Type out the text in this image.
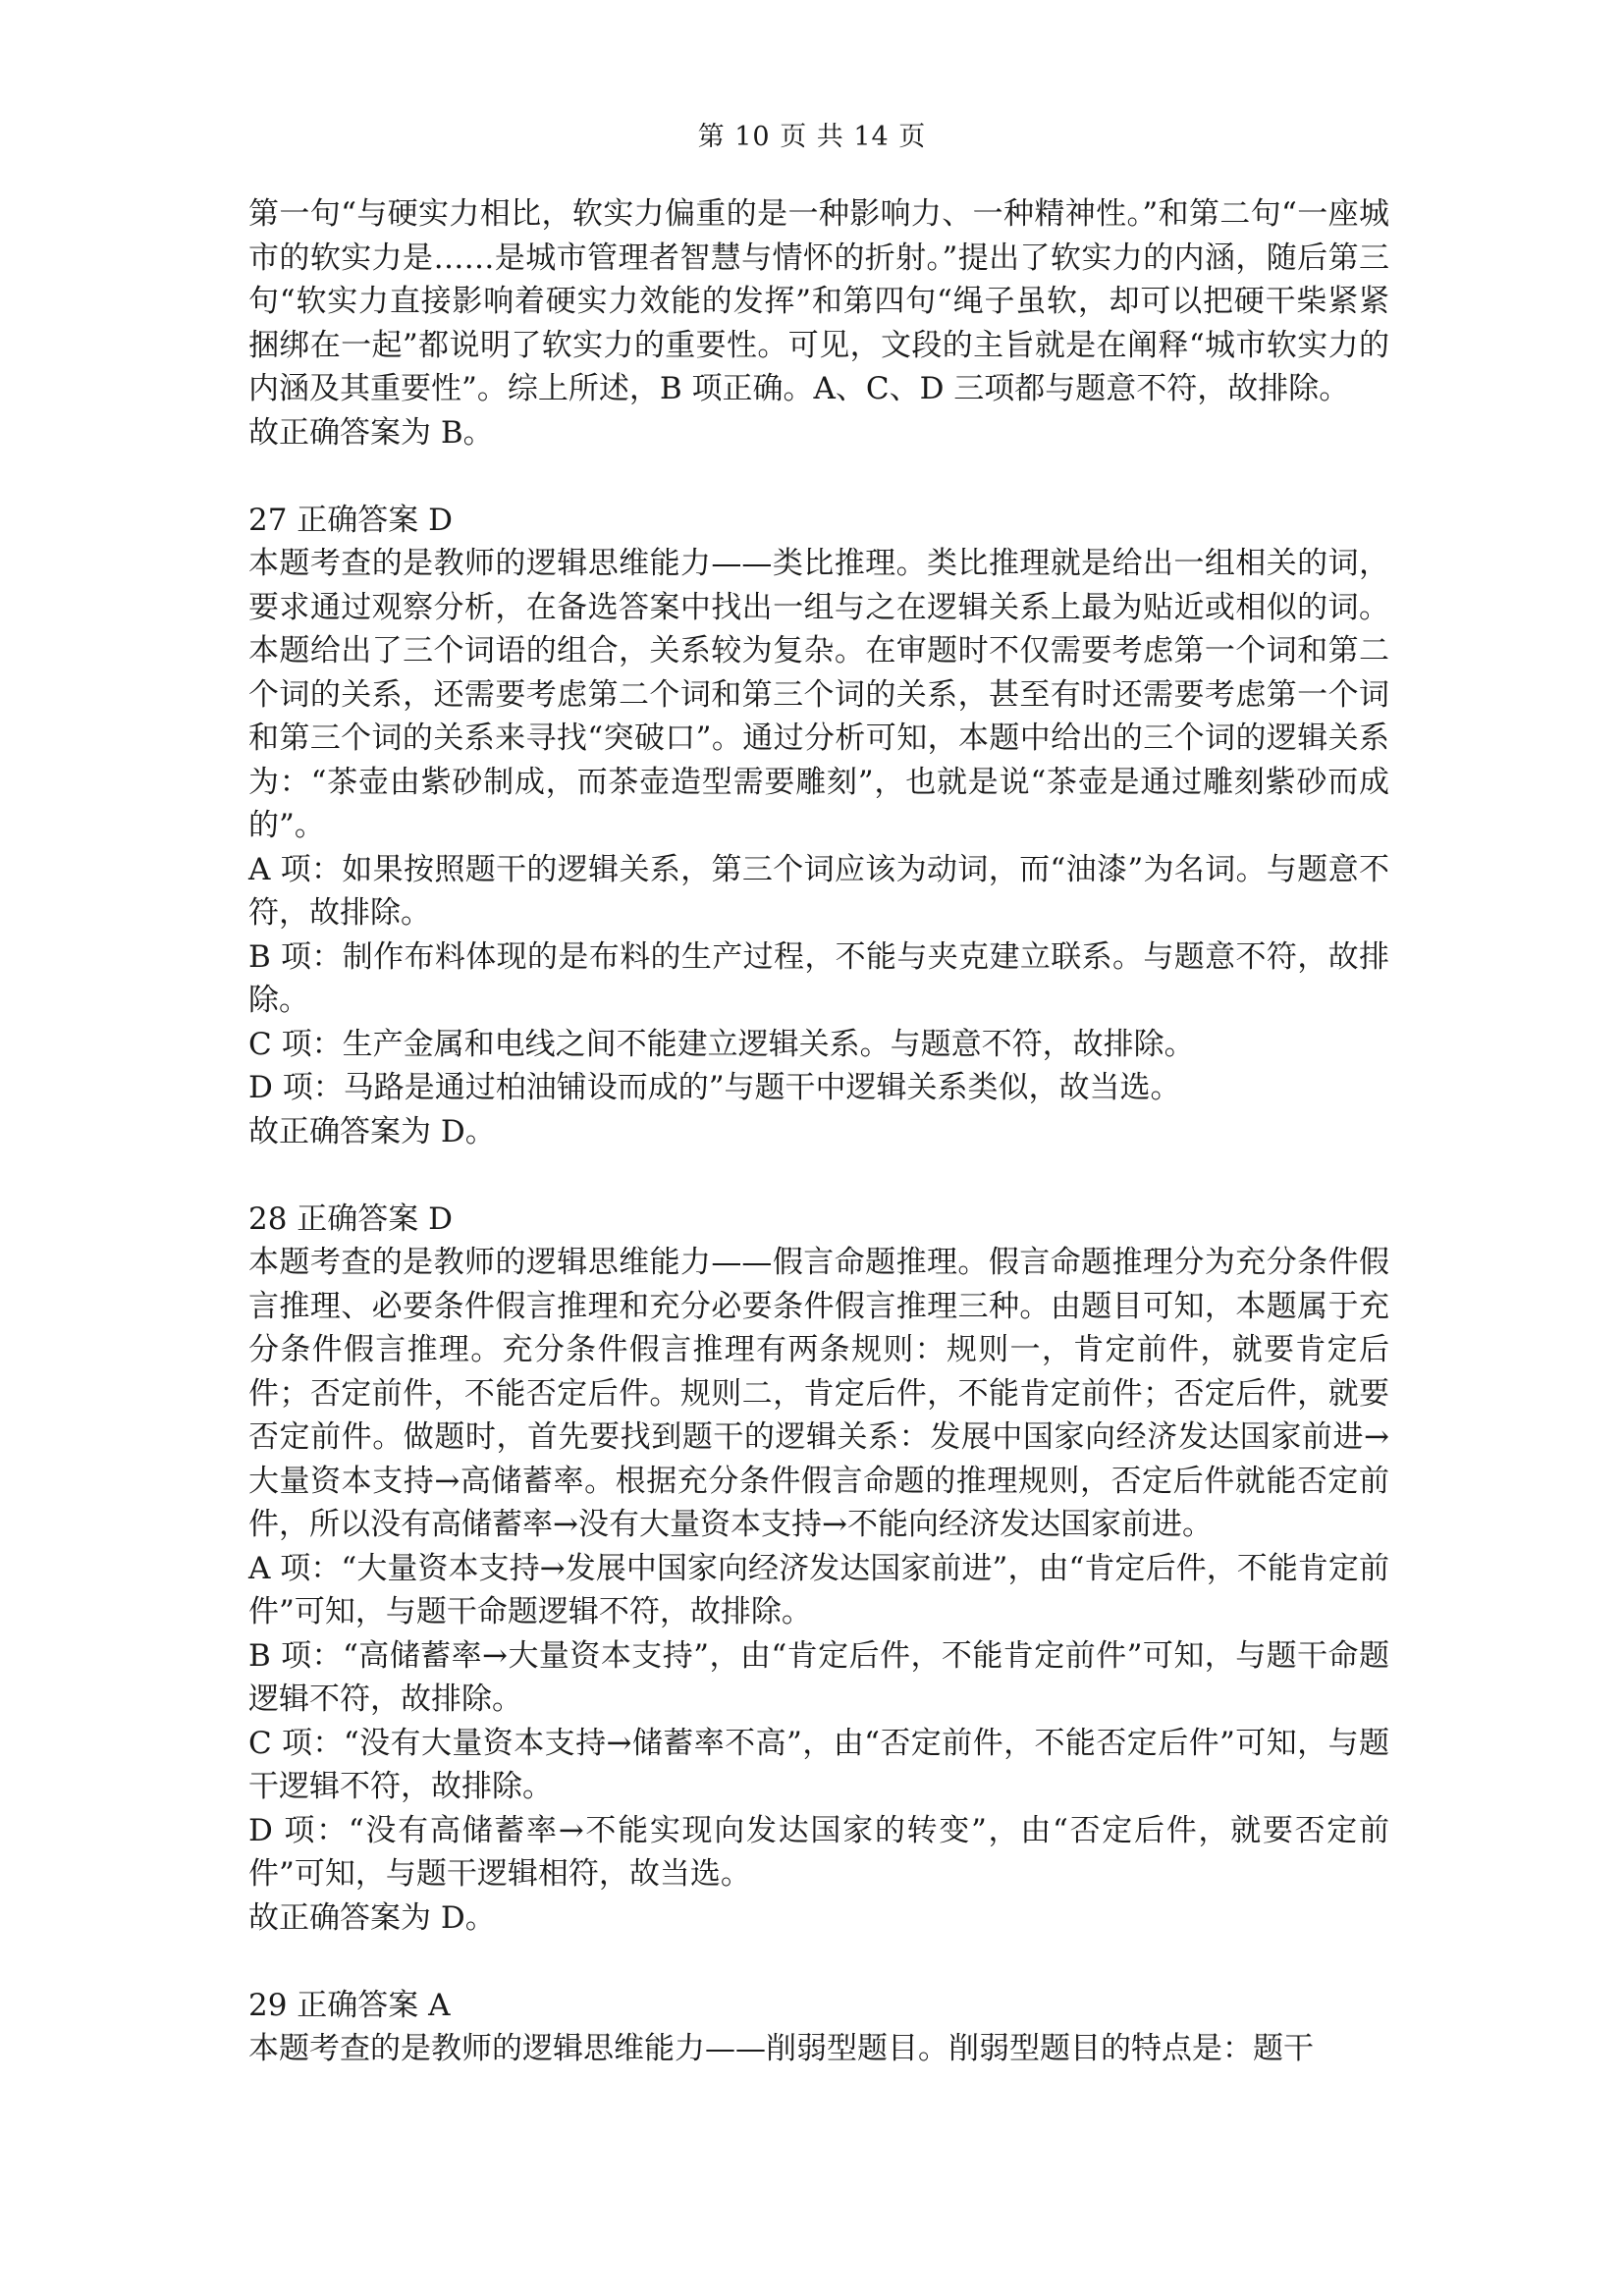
第 10 页 共 14 页

第一句“与硬实力相比，软实力偏重的是一种影响力、一种精神性。”和第二句“一座城市的软实力是……是城市管理者智慧与情怀的折射。”提出了软实力的内涵，随后第三句“软实力直接影响着硬实力效能的发挥”和第四句“绳子虽软，却可以把硬干柴紧紧捆绑在一起”都说明了软实力的重要性。可见，文段的主旨就是在阐释“城市软实力的内涵及其重要性”。综上所述，B 项正确。A、C、D 三项都与题意不符，故排除。

故正确答案为 B。

27 正确答案 D

本题考查的是教师的逻辑思维能力——类比推理。类比推理就是给出一组相关的词，要求通过观察分析，在备选答案中找出一组与之在逻辑关系上最为贴近或相似的词。本题给出了三个词语的组合，关系较为复杂。在审题时不仅需要考虑第一个词和第二个词的关系，还需要考虑第二个词和第三个词的关系，甚至有时还需要考虑第一个词和第三个词的关系来寻找“突破口”。通过分析可知，本题中给出的三个词的逻辑关系为：“茶壶由紫砂制成，而茶壶造型需要雕刻”，也就是说“茶壶是通过雕刻紫砂而成的”。

A 项：如果按照题干的逻辑关系，第三个词应该为动词，而“油漆”为名词。与题意不符，故排除。

B 项：制作布料体现的是布料的生产过程，不能与夹克建立联系。与题意不符，故排除。

C 项：生产金属和电线之间不能建立逻辑关系。与题意不符，故排除。

D 项：马路是通过柏油铺设而成的”与题干中逻辑关系类似，故当选。

故正确答案为 D。

28 正确答案 D

本题考查的是教师的逻辑思维能力——假言命题推理。假言命题推理分为充分条件假言推理、必要条件假言推理和充分必要条件假言推理三种。由题目可知，本题属于充分条件假言推理。充分条件假言推理有两条规则：规则一，肯定前件，就要肯定后件；否定前件，不能否定后件。规则二，肯定后件，不能肯定前件；否定后件，就要否定前件。做题时，首先要找到题干的逻辑关系：发展中国家向经济发达国家前进→大量资本支持→高储蓄率。根据充分条件假言命题的推理规则，否定后件就能否定前件，所以没有高储蓄率→没有大量资本支持→不能向经济发达国家前进。

A 项：“大量资本支持→发展中国家向经济发达国家前进”，由“肯定后件，不能肯定前件”可知，与题干命题逻辑不符，故排除。

B 项：“高储蓄率→大量资本支持”，由“肯定后件，不能肯定前件”可知，与题干命题逻辑不符，故排除。

C 项：“没有大量资本支持→储蓄率不高”，由“否定前件，不能否定后件”可知，与题干逻辑不符，故排除。

D 项：“没有高储蓄率→不能实现向发达国家的转变”，由“否定后件，就要否定前件”可知，与题干逻辑相符，故当选。

故正确答案为 D。

29 正确答案 A

本题考查的是教师的逻辑思维能力——削弱型题目。削弱型题目的特点是：题干
